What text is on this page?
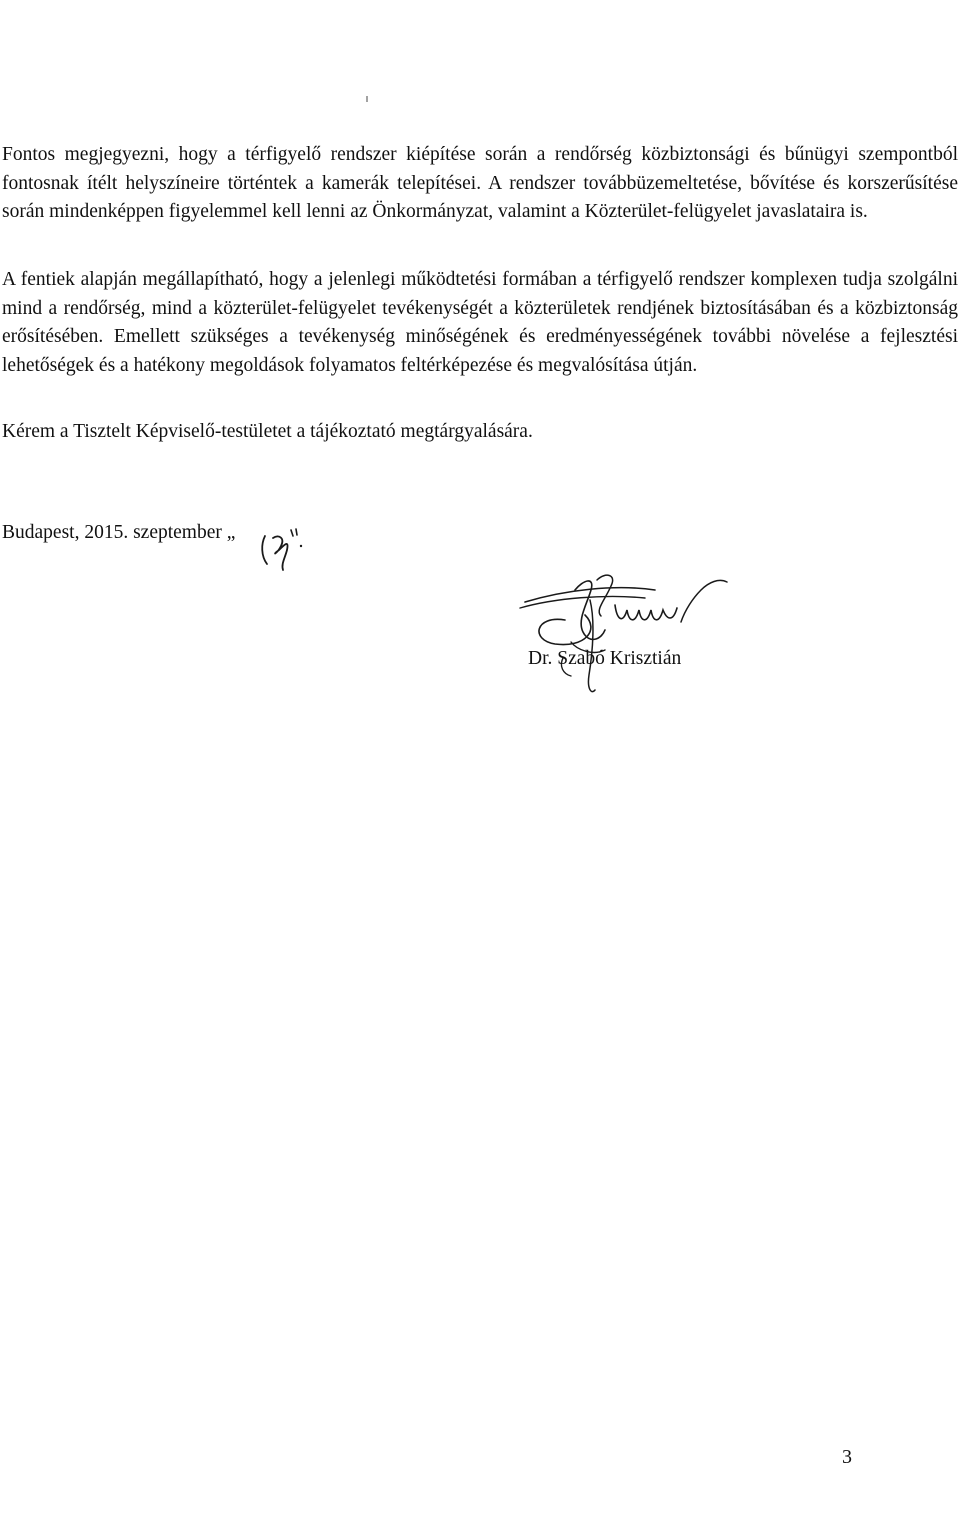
Fontos megjegyezni, hogy a térfigyelő rendszer kiépítése során a rendőrség közbiztonsági és bűnügyi szempontból fontosnak ítélt helyszíneire történtek a kamerák telepítései. A rendszer továbbüzemeltetése, bővítése és korszerűsítése során mindenképpen figyelemmel kell lenni az Önkormányzat, valamint a Közterület-felügyelet javaslataira is.

A fentiek alapján megállapítható, hogy a jelenlegi működtetési formában a térfigyelő rendszer komplexen tudja szolgálni mind a rendőrség, mind a közterület-felügyelet tevékenységét a közterületek rendjének biztosításában és a közbiztonság erősítésében. Emellett szükséges a tevékenység minőségének és eredményességének további növelése a fejlesztési lehetőségek és a hatékony megoldások folyamatos feltérképezése és megvalósítása útján.

Kérem a Tisztelt Képviselő-testületet a tájékoztató megtárgyalására.

Budapest, 2015. szeptember „
Dr. Szabó Krisztián
3
